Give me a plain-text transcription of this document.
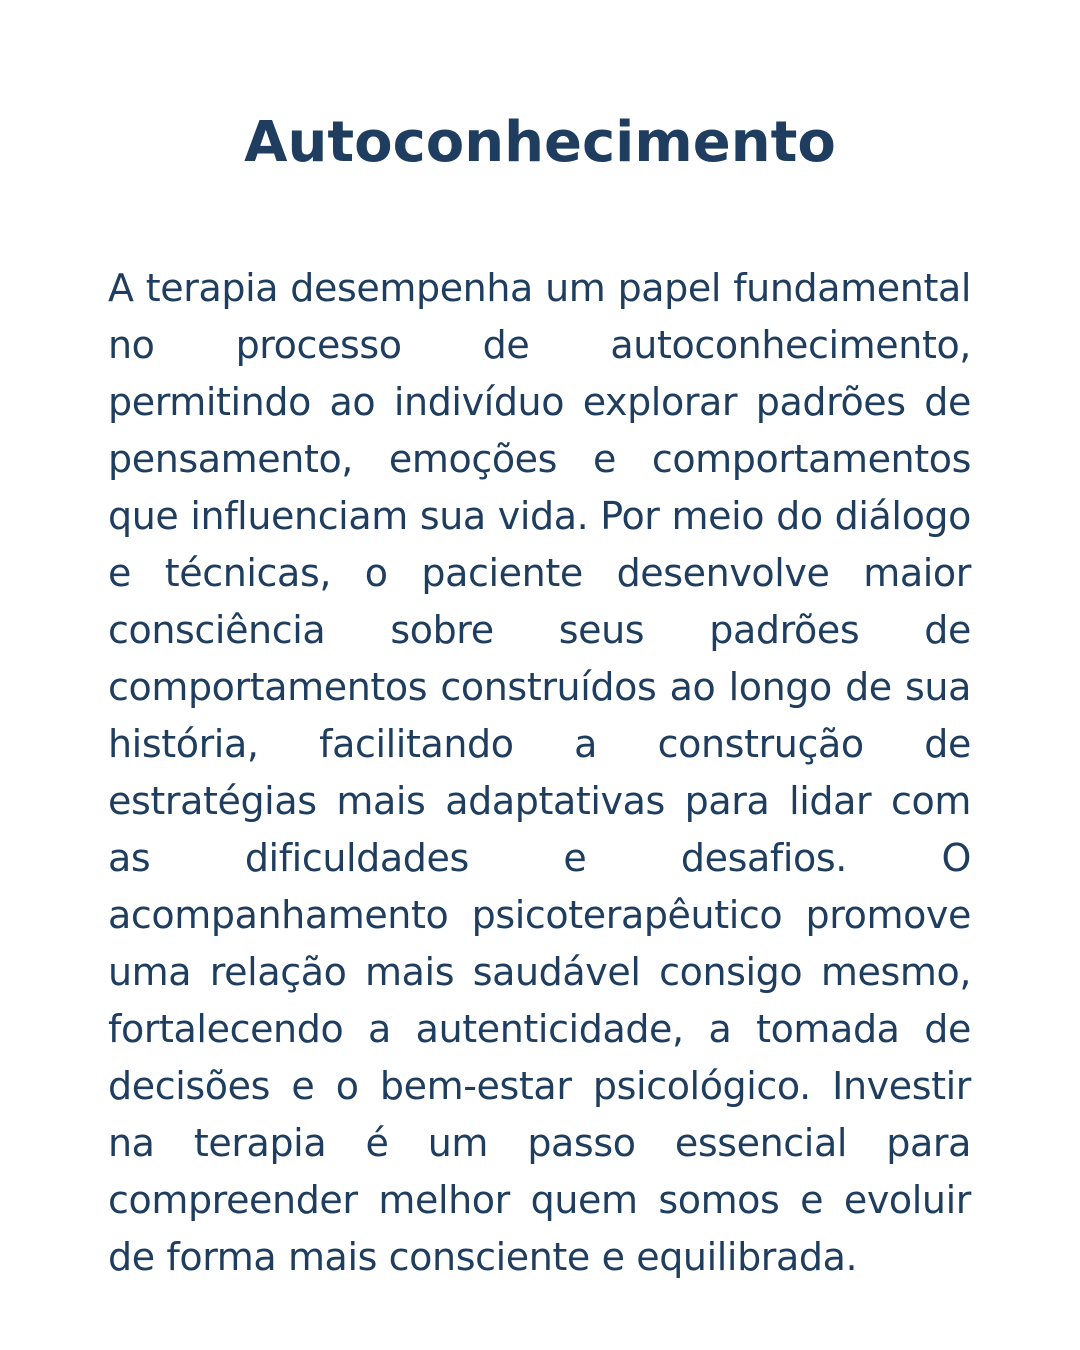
Autoconhecimento

A terapia desempenha um papel fundamental no processo de autoconhecimento, permitindo ao indivíduo explorar padrões de pensamento, emoções e comportamentos que influenciam sua vida. Por meio do diálogo e técnicas, o paciente desenvolve maior consciência sobre seus padrões de comportamentos construídos ao longo de sua história, facilitando a construção de estratégias mais adaptativas para lidar com as dificuldades e desafios. O acompanhamento psicoterapêutico promove uma relação mais saudável consigo mesmo, fortalecendo a autenticidade, a tomada de decisões e o bem-estar psicológico. Investir na terapia é um passo essencial para compreender melhor quem somos e evoluir de forma mais consciente e equilibrada.
